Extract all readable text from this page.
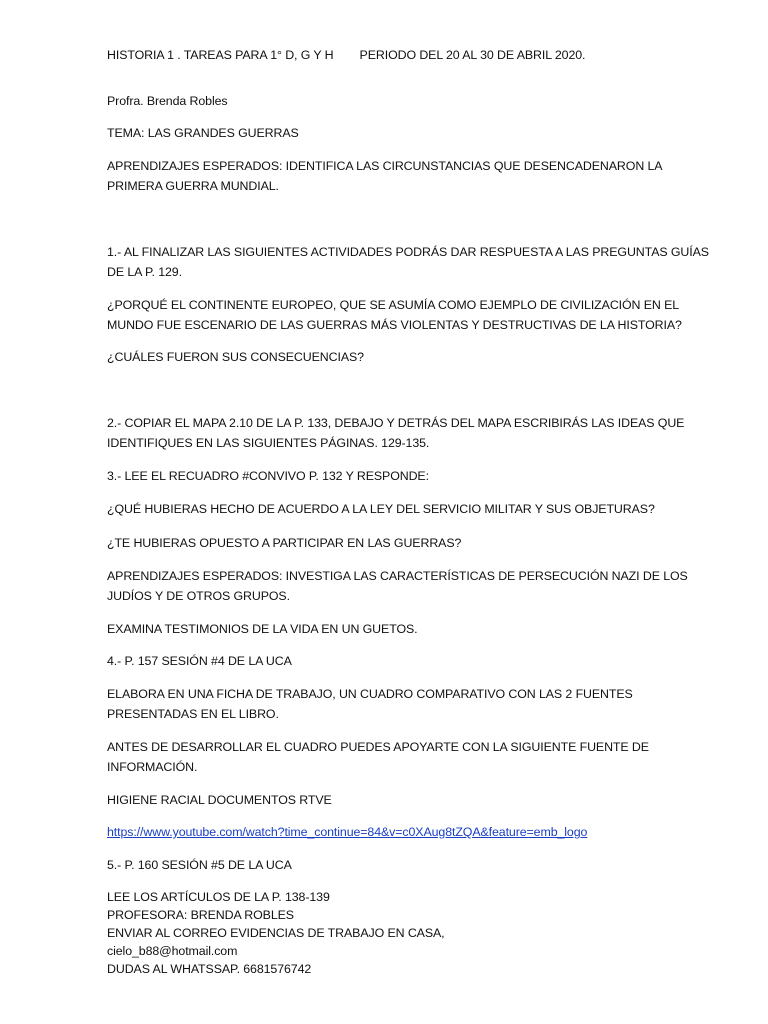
HISTORIA 1 . TAREAS PARA 1° D, G Y H PERIODO DEL 20 AL 30 DE ABRIL 2020.
Profra. Brenda Robles
TEMA: LAS GRANDES GUERRAS
APRENDIZAJES ESPERADOS: IDENTIFICA LAS CIRCUNSTANCIAS QUE DESENCADENARON LA
PRIMERA GUERRA MUNDIAL.
1.- AL FINALIZAR LAS SIGUIENTES ACTIVIDADES PODRÁS DAR RESPUESTA A LAS PREGUNTAS GUÍAS
DE LA P. 129.
¿PORQUÉ EL CONTINENTE EUROPEO, QUE SE ASUMÍA COMO EJEMPLO DE CIVILIZACIÓN EN EL
MUNDO FUE ESCENARIO DE LAS GUERRAS MÁS VIOLENTAS Y DESTRUCTIVAS DE LA HISTORIA?
¿CUÁLES FUERON SUS CONSECUENCIAS?
2.- COPIAR EL MAPA 2.10 DE LA P. 133, DEBAJO Y DETRÁS DEL MAPA ESCRIBIRÁS LAS IDEAS QUE
IDENTIFIQUES EN LAS SIGUIENTES PÁGINAS. 129-135.
3.- LEE EL RECUADRO #CONVIVO P. 132 Y RESPONDE:
¿QUÉ HUBIERAS HECHO DE ACUERDO A LA LEY DEL SERVICIO MILITAR Y SUS OBJETURAS?
¿TE HUBIERAS OPUESTO A PARTICIPAR EN LAS GUERRAS?
APRENDIZAJES ESPERADOS: INVESTIGA LAS CARACTERÍSTICAS DE PERSECUCIÓN NAZI DE LOS
JUDÍOS Y DE OTROS GRUPOS.
EXAMINA TESTIMONIOS DE LA VIDA EN UN GUETOS.
4.- P. 157 SESIÓN #4 DE LA UCA
ELABORA EN UNA FICHA DE TRABAJO, UN CUADRO COMPARATIVO CON LAS 2 FUENTES
PRESENTADAS EN EL LIBRO.
ANTES DE DESARROLLAR EL CUADRO PUEDES APOYARTE CON LA SIGUIENTE FUENTE DE
INFORMACIÓN.
HIGIENE RACIAL DOCUMENTOS RTVE
https://www.youtube.com/watch?time_continue=84&v=c0XAug8tZQA&feature=emb_logo
5.- P. 160 SESIÓN #5 DE LA UCA
LEE LOS ARTÍCULOS DE LA P. 138-139
PROFESORA: BRENDA ROBLES
ENVIAR AL CORREO EVIDENCIAS DE TRABAJO EN CASA,
cielo_b88@hotmail.com
DUDAS AL WHATSSAP. 6681576742
